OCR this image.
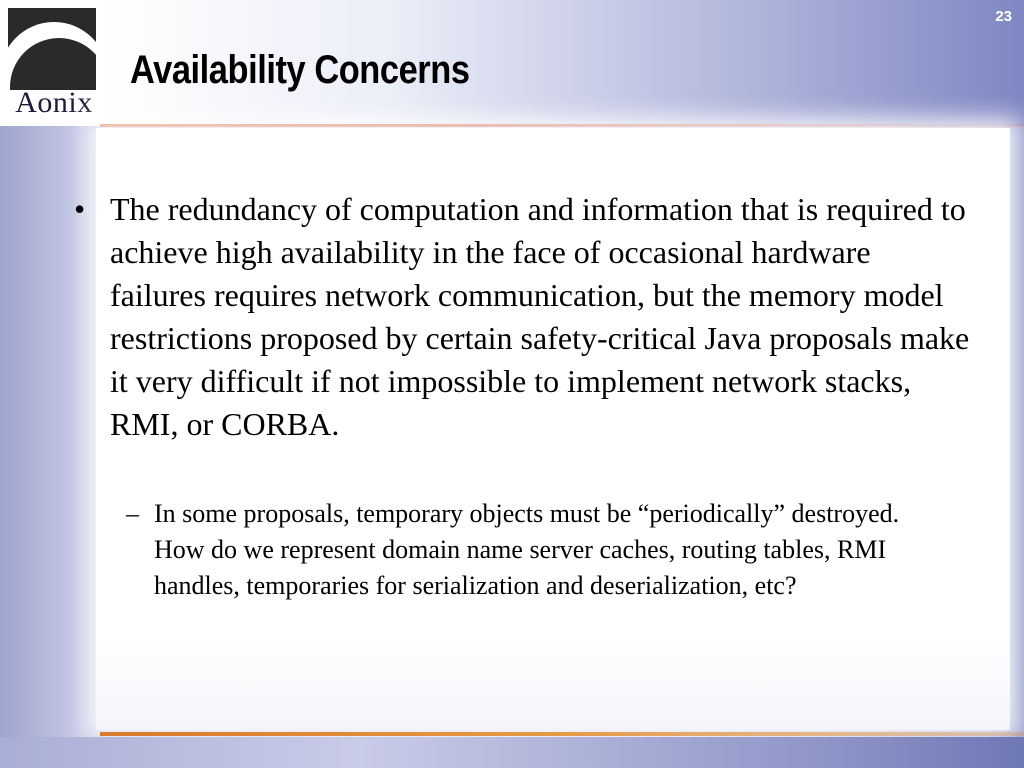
Aonix
Availability Concerns
23
• The redundancy of computation and information that is required to achieve high availability in the face of occasional hardware failures requires network communication, but the memory model restrictions proposed by certain safety-critical Java proposals make it very difficult if not impossible to implement network stacks, RMI, or CORBA.
– In some proposals, temporary objects must be “periodically” destroyed. How do we represent domain name server caches, routing tables, RMI handles, temporaries for serialization and deserialization, etc?
